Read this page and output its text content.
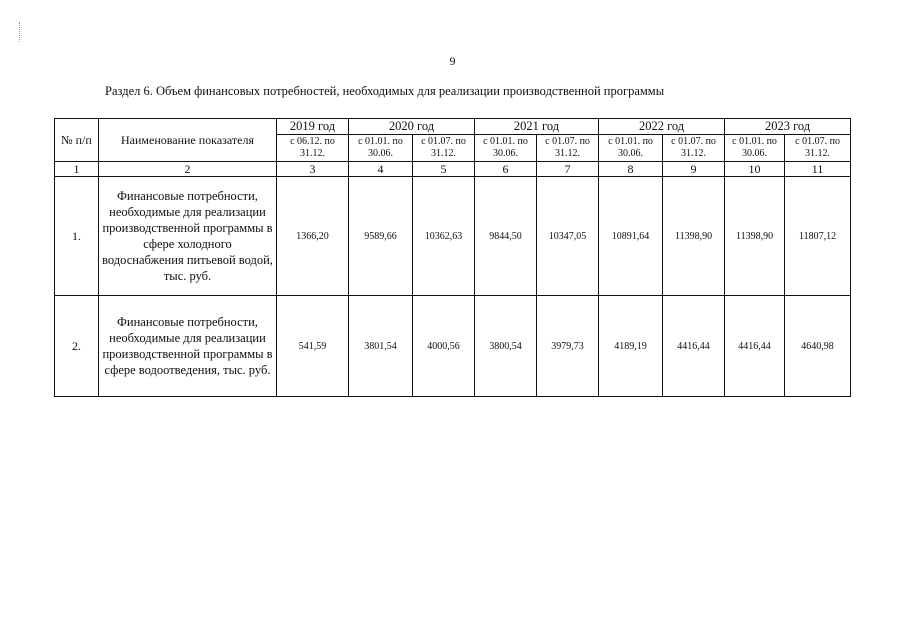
9
Раздел 6. Объем финансовых потребностей, необходимых для реализации производственной программы
№ п/п	Наименование показателя	2019 год	2020 год		2021 год		2022 год		2023 год	
		с 06.12. по 31.12.	с 01.01. по 30.06.	с 01.07. по 31.12.	с 01.01. по 30.06.	с 01.07. по 31.12.	с 01.01. по 30.06.	с 01.07. по 31.12.	с 01.01. по 30.06.	с 01.07. по 31.12.
1	2	3	4	5	6	7	8	9	10	11
1.	Финансовые потребности, необходимые для реализации производственной программы в сфере холодного водоснабжения питьевой водой, тыс. руб.	1366,20	9589,66	10362,63	9844,50	10347,05	10891,64	11398,90	11398,90	11807,12
2.	Финансовые потребности, необходимые для реализации производственной программы в сфере водоотведения, тыс. руб.	541,59	3801,54	4000,56	3800,54	3979,73	4189,19	4416,44	4416,44	4640,98
